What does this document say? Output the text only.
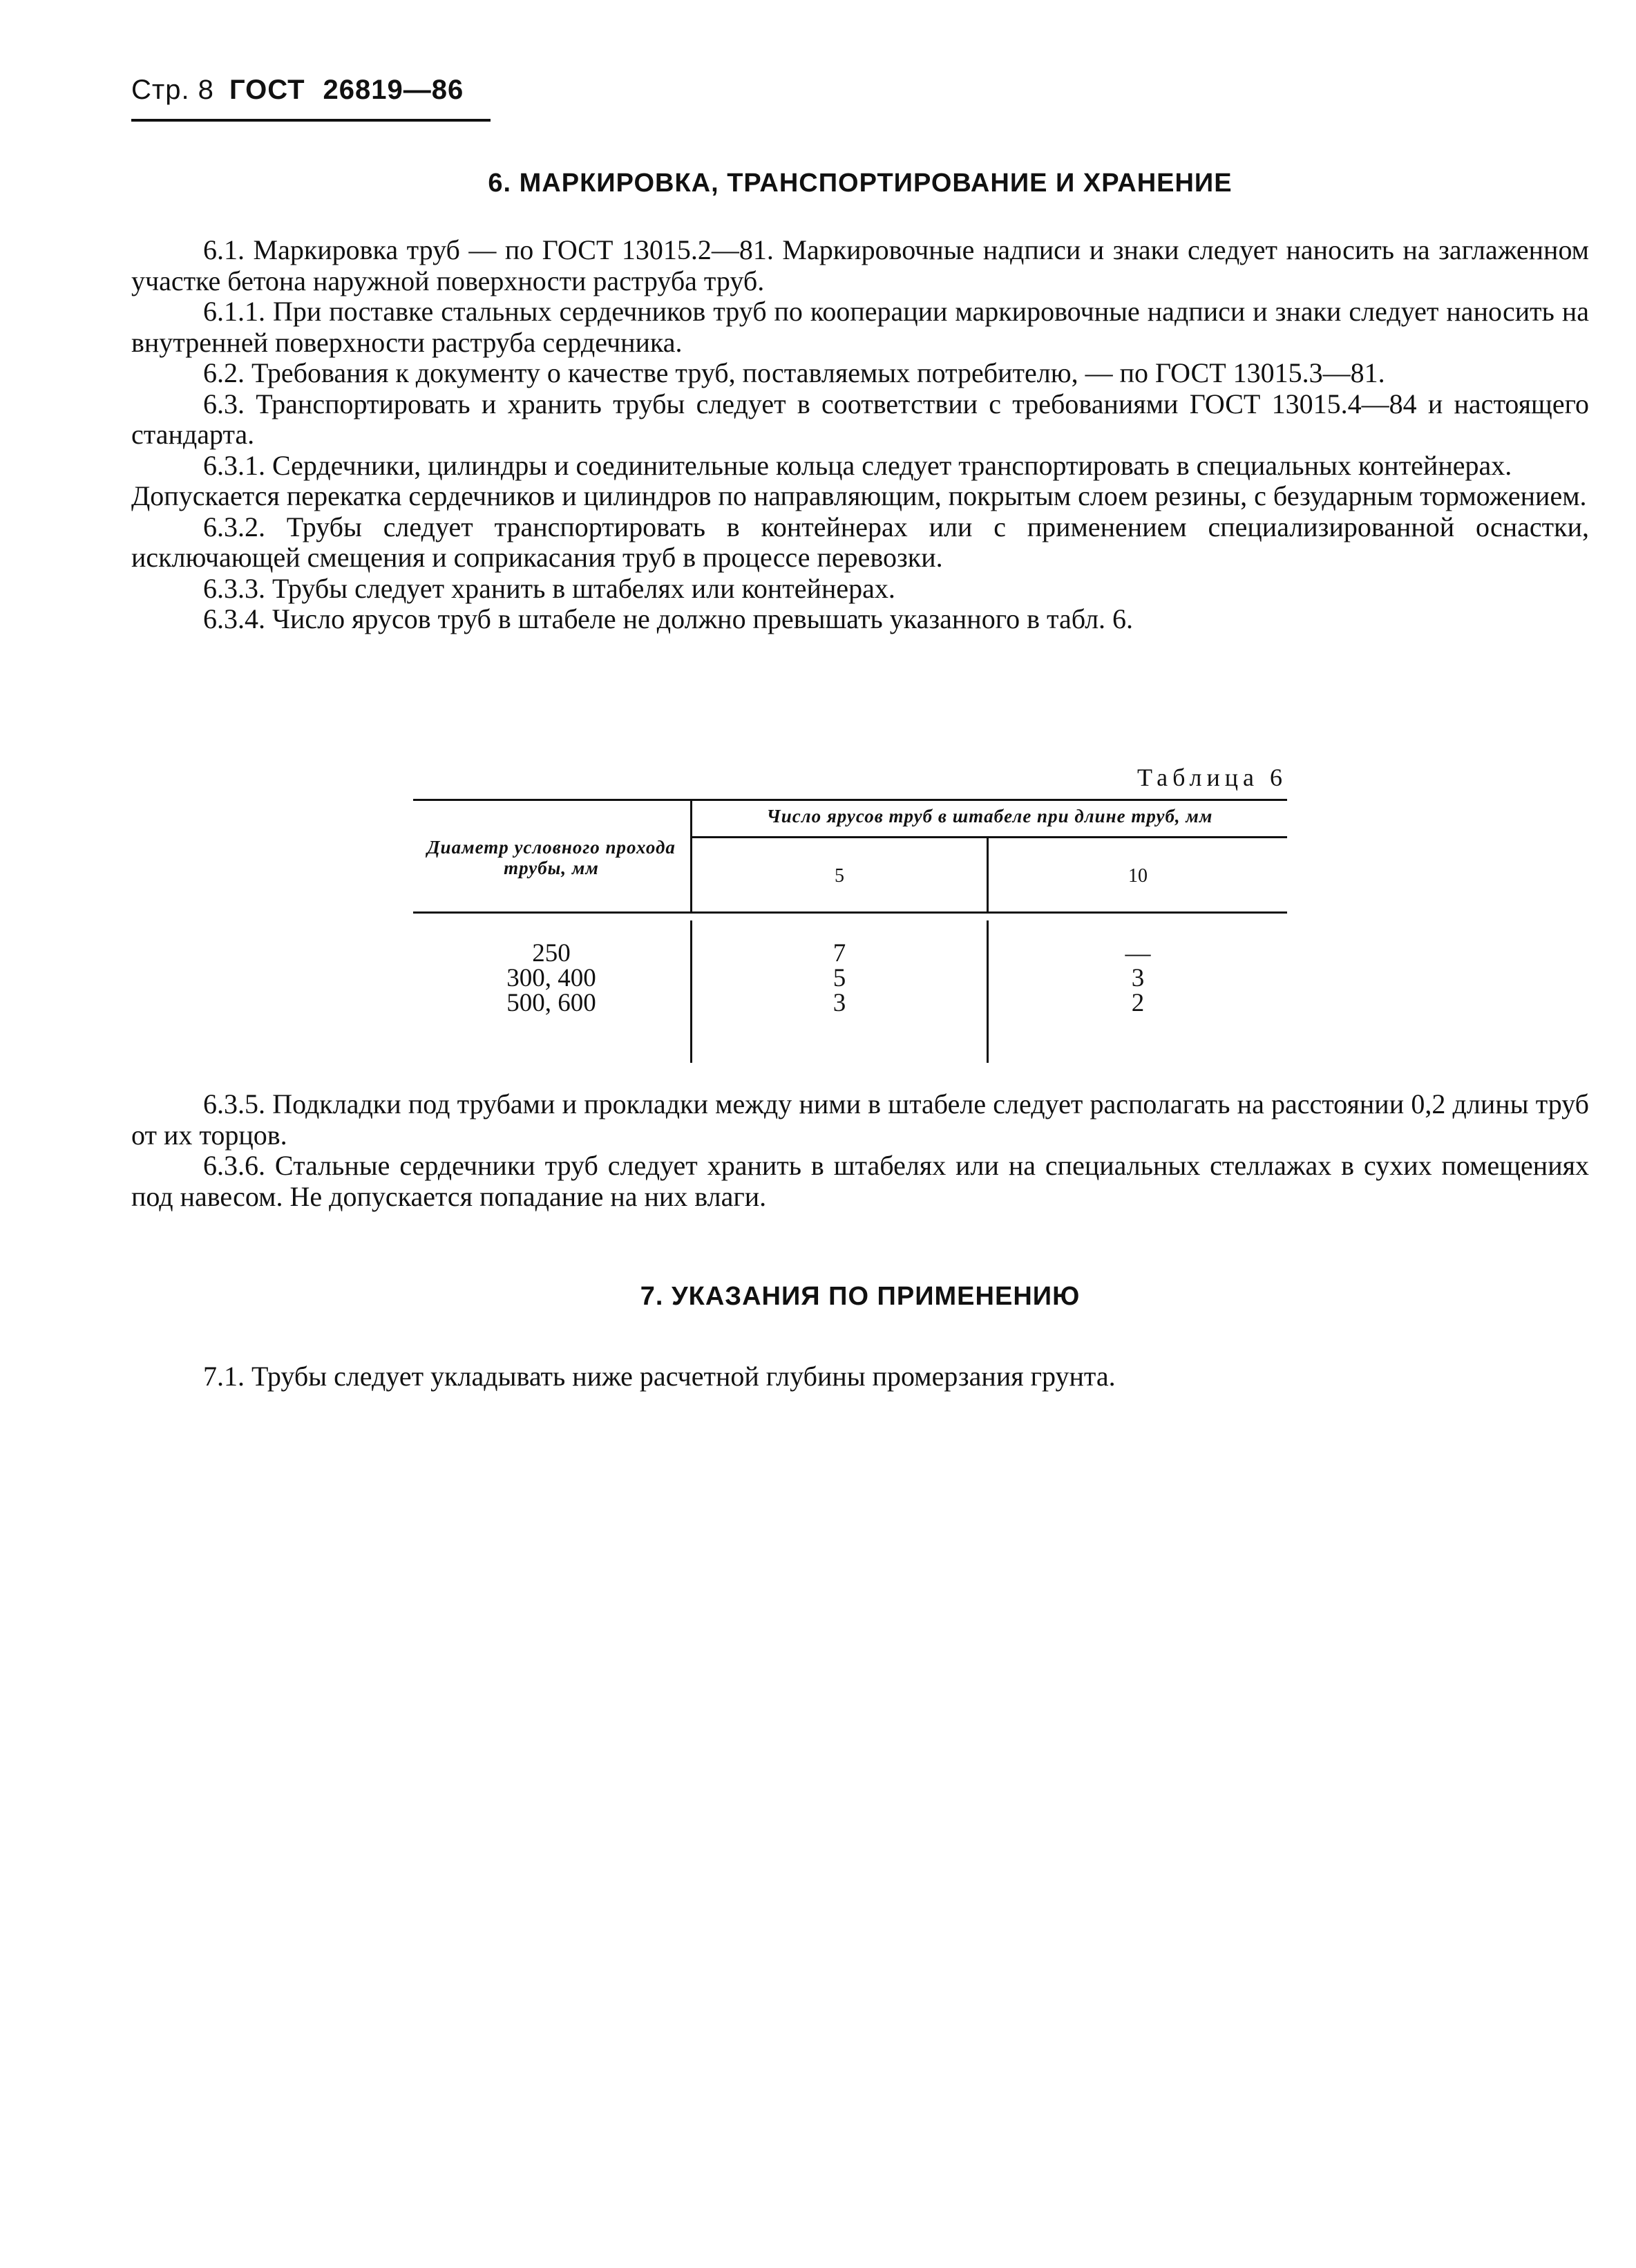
Стр. 8 ГОСТ 26819—86
6. МАРКИРОВКА, ТРАНСПОРТИРОВАНИЕ И ХРАНЕНИЕ

6.1. Маркировка труб — по ГОСТ 13015.2—81. Маркировочные надписи и знаки следует наносить на заглаженном участке бетона наружной поверхности раструба труб.

6.1.1. При поставке стальных сердечников труб по кооперации маркировочные надписи и знаки следует наносить на внутренней поверхности раструба сердечника.

6.2. Требования к документу о качестве труб, поставляемых потребителю, — по ГОСТ 13015.3—81.

6.3. Транспортировать и хранить трубы следует в соответствии с требованиями ГОСТ 13015.4—84 и настоящего стандарта.

6.3.1. Сердечники, цилиндры и соединительные кольца следует транспортировать в специальных контейнерах.

Допускается перекатка сердечников и цилиндров по направляющим, покрытым слоем резины, с безударным торможением.

6.3.2. Трубы следует транспортировать в контейнерах или с применением специализированной оснастки, исключающей смещения и соприкасания труб в процессе перевозки.

6.3.3. Трубы следует хранить в штабелях или контейнерах.

6.3.4. Число ярусов труб в штабеле не должно превышать указанного в табл. 6.

Таблица 6
Диаметр условного прохода трубы, мм
Число ярусов труб в штабеле при длине труб, мм
5	10
250
300, 400
500, 600
7
5
3
—
3
2

6.3.5. Подкладки под трубами и прокладки между ними в штабеле следует располагать на расстоянии 0,2 длины труб от их торцов.

6.3.6. Стальные сердечники труб следует хранить в штабелях или на специальных стеллажах в сухих помещениях под навесом. Не допускается попадание на них влаги.

7. УКАЗАНИЯ ПО ПРИМЕНЕНИЮ

7.1. Трубы следует укладывать ниже расчетной глубины промерзания грунта.
